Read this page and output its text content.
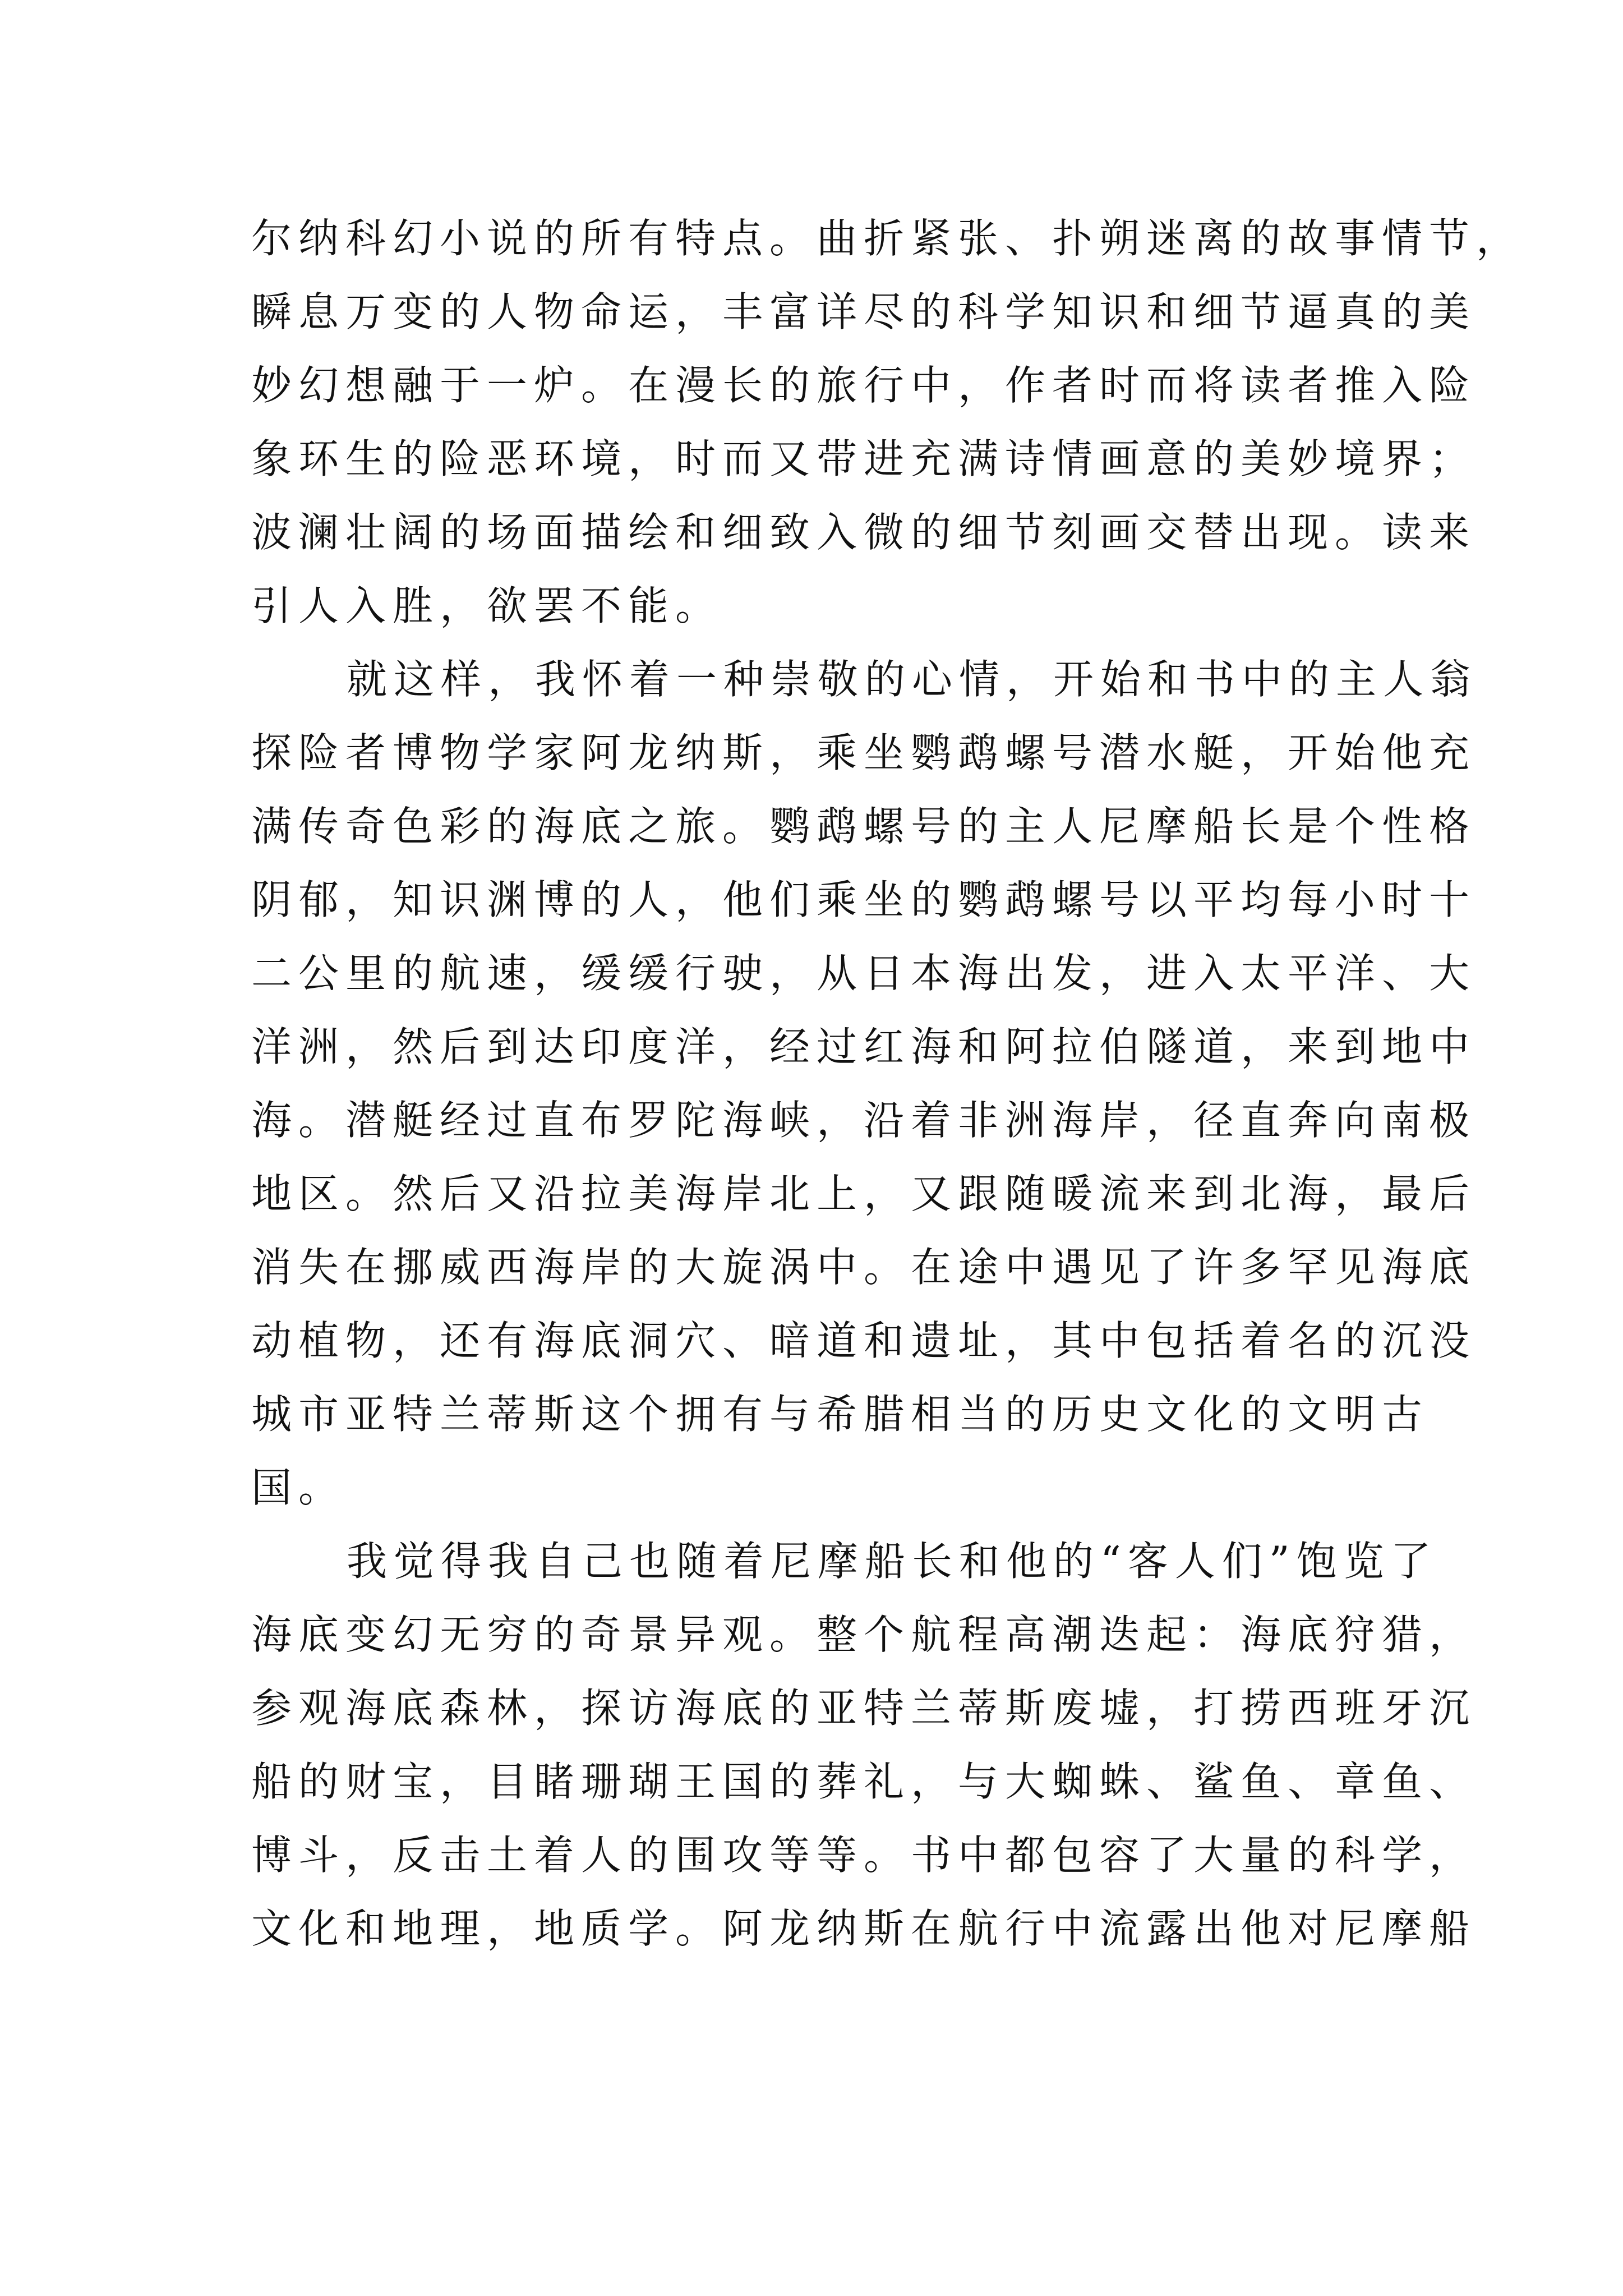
尔纳科幻小说的所有特点。曲折紧张、扑朔迷离的故事情节，
瞬息万变的人物命运，丰富详尽的科学知识和细节逼真的美
妙幻想融于一炉。在漫长的旅行中，作者时而将读者推入险
象环生的险恶环境，时而又带进充满诗情画意的美妙境界；
波澜壮阔的场面描绘和细致入微的细节刻画交替出现。读来
引人入胜，欲罢不能。
就这样，我怀着一种崇敬的心情，开始和书中的主人翁
探险者博物学家阿龙纳斯，乘坐鹦鹉螺号潜水艇，开始他充
满传奇色彩的海底之旅。鹦鹉螺号的主人尼摩船长是个性格
阴郁，知识渊博的人，他们乘坐的鹦鹉螺号以平均每小时十
二公里的航速，缓缓行驶，从日本海出发，进入太平洋、大
洋洲，然后到达印度洋，经过红海和阿拉伯隧道，来到地中
海。潜艇经过直布罗陀海峡，沿着非洲海岸，径直奔向南极
地区。然后又沿拉美海岸北上，又跟随暖流来到北海，最后
消失在挪威西海岸的大旋涡中。在途中遇见了许多罕见海底
动植物，还有海底洞穴、暗道和遗址，其中包括着名的沉没
城市亚特兰蒂斯这个拥有与希腊相当的历史文化的文明古
国。
我觉得我自己也随着尼摩船长和他的“客人们”饱览了
海底变幻无穷的奇景异观。整个航程高潮迭起：海底狩猎，
参观海底森林，探访海底的亚特兰蒂斯废墟，打捞西班牙沉
船的财宝，目睹珊瑚王国的葬礼，与大蜘蛛、鲨鱼、章鱼、
博斗，反击土着人的围攻等等。书中都包容了大量的科学，
文化和地理，地质学。阿龙纳斯在航行中流露出他对尼摩船
